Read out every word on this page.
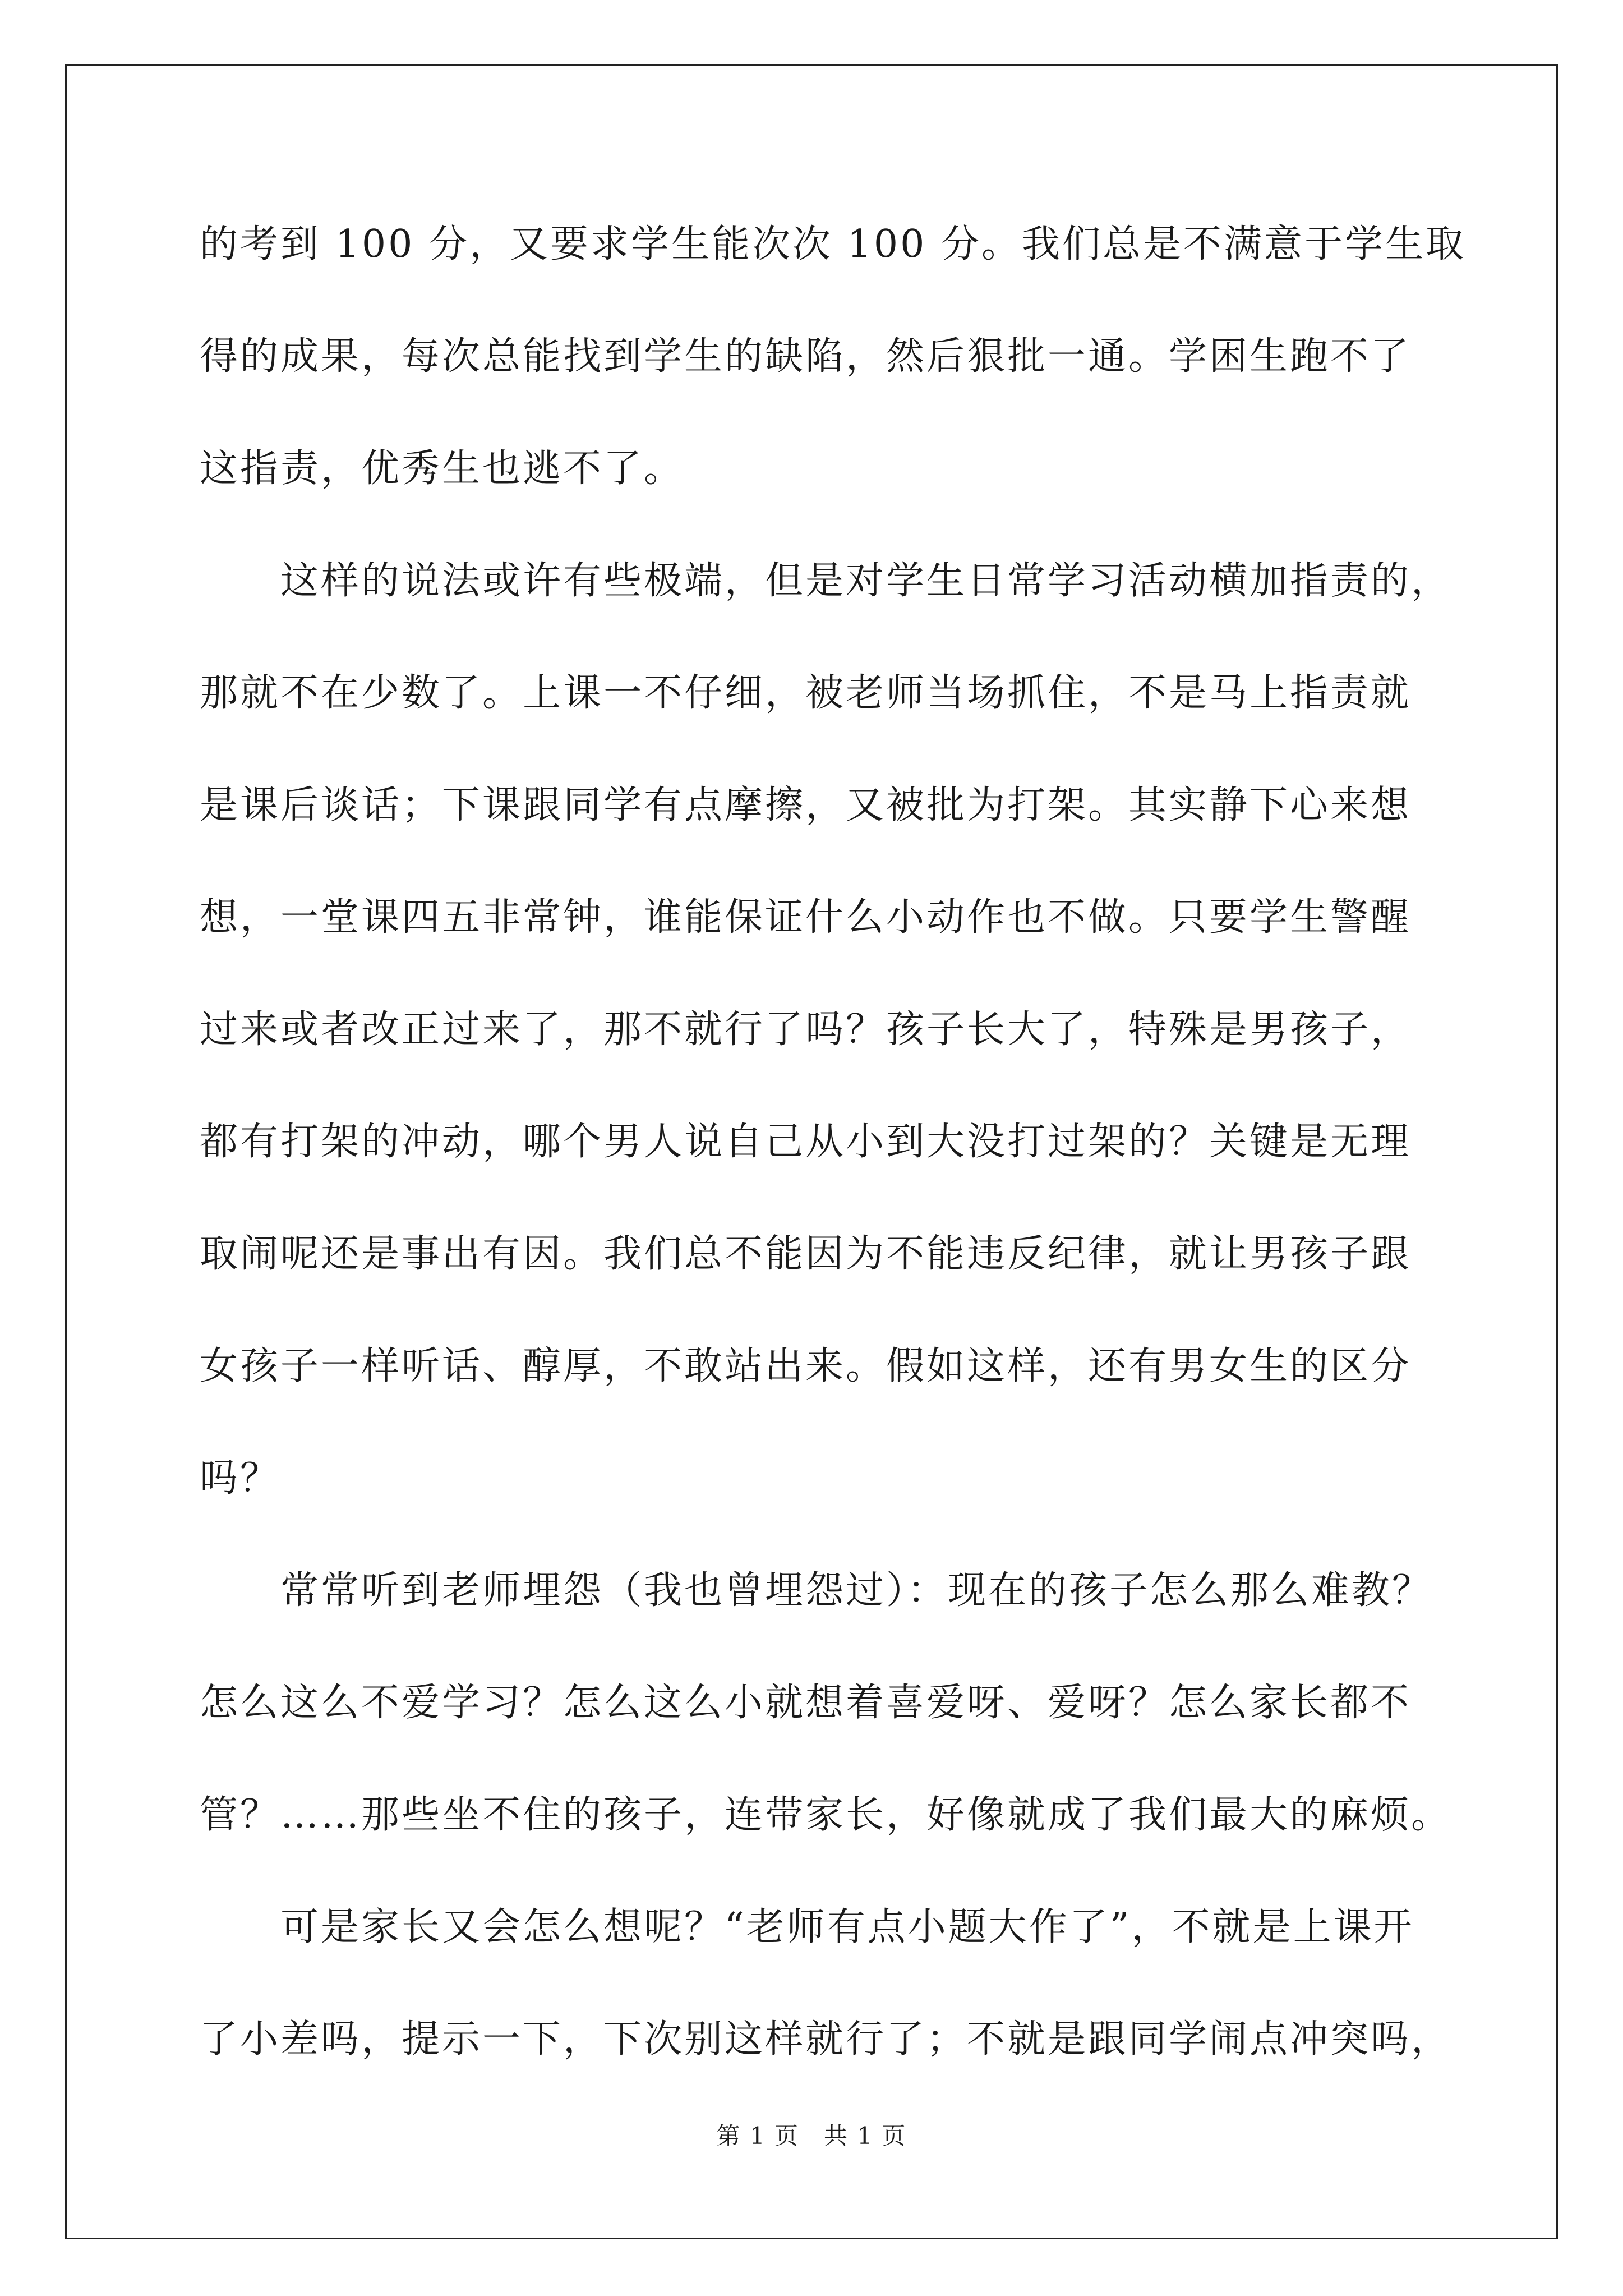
的考到 100 分，又要求学生能次次 100 分。我们总是不满意于学生取
得的成果，每次总能找到学生的缺陷，然后狠批一通。学困生跑不了
这指责，优秀生也逃不了。
　　这样的说法或许有些极端，但是对学生日常学习活动横加指责的，
那就不在少数了。上课一不仔细，被老师当场抓住，不是马上指责就
是课后谈话；下课跟同学有点摩擦，又被批为打架。其实静下心来想
想，一堂课四五非常钟，谁能保证什么小动作也不做。只要学生警醒
过来或者改正过来了，那不就行了吗？孩子长大了，特殊是男孩子，
都有打架的冲动，哪个男人说自己从小到大没打过架的？关键是无理
取闹呢还是事出有因。我们总不能因为不能违反纪律，就让男孩子跟
女孩子一样听话、醇厚，不敢站出来。假如这样，还有男女生的区分
吗？
　　常常听到老师埋怨（我也曾埋怨过）：现在的孩子怎么那么难教？
怎么这么不爱学习？怎么这么小就想着喜爱呀、爱呀？怎么家长都不
管？……那些坐不住的孩子，连带家长，好像就成了我们最大的麻烦。
　　可是家长又会怎么想呢？“老师有点小题大作了”，不就是上课开
了小差吗，提示一下，下次别这样就行了；不就是跟同学闹点冲突吗，
第 1 页　共 1 页
